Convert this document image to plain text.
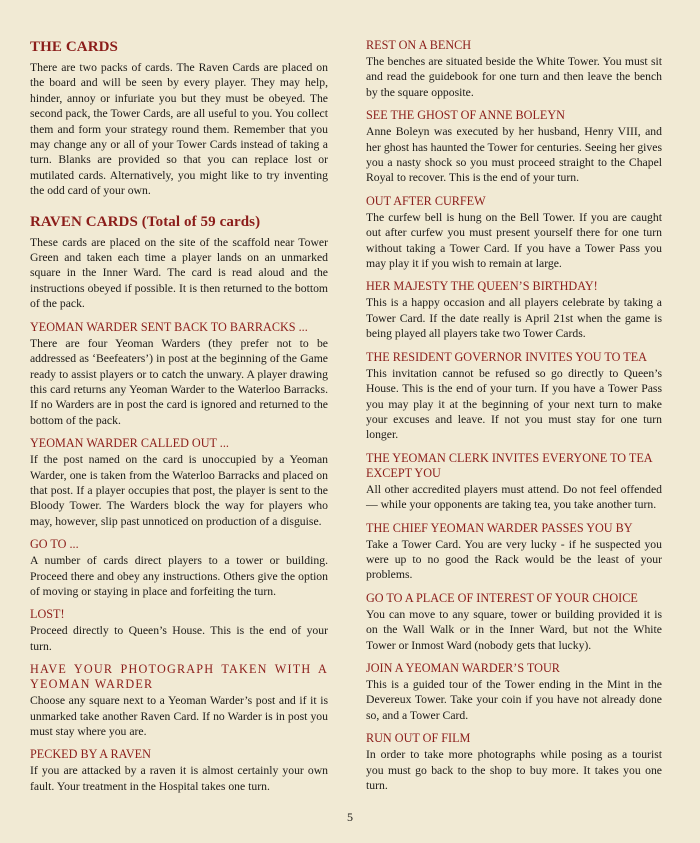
THE CARDS

There are two packs of cards. The Raven Cards are placed on the board and will be seen by every player. They may help, hinder, annoy or infuriate you but they must be obeyed. The second pack, the Tower Cards, are all useful to you. You collect them and form your strategy round them. Remember that you may change any or all of your Tower Cards instead of taking a turn. Blanks are provided so that you can replace lost or mutilated cards. Alternatively, you might like to try inventing the odd card of your own.

RAVEN CARDS (Total of 59 cards)

These cards are placed on the site of the scaffold near Tower Green and taken each time a player lands on an unmarked square in the Inner Ward. The card is read aloud and the instructions obeyed if possible. It is then returned to the bottom of the pack.

YEOMAN WARDER SENT BACK TO BARRACKS ...

There are four Yeoman Warders (they prefer not to be addressed as ‘Beefeaters’) in post at the beginning of the Game ready to assist players or to catch the unwary. A player drawing this card returns any Yeoman Warder to the Waterloo Barracks. If no Warders are in post the card is ignored and returned to the bottom of the pack.

YEOMAN WARDER CALLED OUT ...

If the post named on the card is unoccupied by a Yeoman Warder, one is taken from the Waterloo Barracks and placed on that post. If a player occupies that post, the player is sent to the Bloody Tower. The Warders block the way for players who may, however, slip past unnoticed on production of a disguise.

GO TO ...

A number of cards direct players to a tower or building. Proceed there and obey any instructions. Others give the option of moving or staying in place and forfeiting the turn.

LOST!

Proceed directly to Queen’s House. This is the end of your turn.

HAVE YOUR PHOTOGRAPH TAKEN WITH A YEOMAN WARDER

Choose any square next to a Yeoman Warder’s post and if it is unmarked take another Raven Card. If no Warder is in post you must stay where you are.

PECKED BY A RAVEN

If you are attacked by a raven it is almost certainly your own fault. Your treatment in the Hospital takes one turn.

REST ON A BENCH

The benches are situated beside the White Tower. You must sit and read the guidebook for one turn and then leave the bench by the square opposite.

SEE THE GHOST OF ANNE BOLEYN

Anne Boleyn was executed by her husband, Henry VIII, and her ghost has haunted the Tower for centuries. Seeing her gives you a nasty shock so you must proceed straight to the Chapel Royal to recover. This is the end of your turn.

OUT AFTER CURFEW

The curfew bell is hung on the Bell Tower. If you are caught out after curfew you must present yourself there for one turn without taking a Tower Card. If you have a Tower Pass you may play it if you wish to remain at large.

HER MAJESTY THE QUEEN’S BIRTHDAY!

This is a happy occasion and all players celebrate by taking a Tower Card. If the date really is April 21st when the game is being played all players take two Tower Cards.

THE RESIDENT GOVERNOR INVITES YOU TO TEA

This invitation cannot be refused so go directly to Queen’s House. This is the end of your turn. If you have a Tower Pass you may play it at the beginning of your next turn to make your excuses and leave. If not you must stay for one turn longer.

THE YEOMAN CLERK INVITES EVERYONE TO TEA EXCEPT YOU

All other accredited players must attend. Do not feel offended — while your opponents are taking tea, you take another turn.

THE CHIEF YEOMAN WARDER PASSES YOU BY

Take a Tower Card. You are very lucky - if he suspected you were up to no good the Rack would be the least of your problems.

GO TO A PLACE OF INTEREST OF YOUR CHOICE

You can move to any square, tower or building provided it is on the Wall Walk or in the Inner Ward, but not the White Tower or Inmost Ward (nobody gets that lucky).

JOIN A YEOMAN WARDER’S TOUR

This is a guided tour of the Tower ending in the Mint in the Devereux Tower. Take your coin if you have not already done so, and a Tower Card.

RUN OUT OF FILM

In order to take more photographs while posing as a tourist you must go back to the shop to buy more. It takes you one turn.

5
